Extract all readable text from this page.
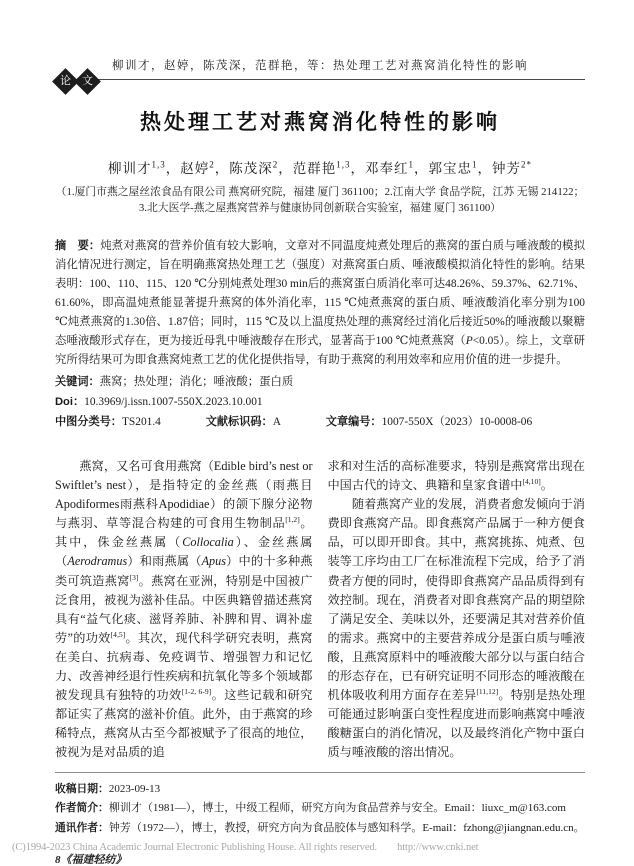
柳训才，赵婷，陈茂深，范群艳，等：热处理工艺对燕窝消化特性的影响
论 文
热处理工艺对燕窝消化特性的影响
柳训才$^{1,3}$，赵婷$^2$，陈茂深$^2$，范群艳$^{1,3}$，邓奉红$^1$，郭宝忠$^1$，钟芳$^{2*}$
（1.厦门市燕之屋丝浓食品有限公司 燕窝研究院，福建 厦门 361100；2.江南大学 食品学院，江苏 无锡 214122；
3.北大医学-燕之屋燕窝营养与健康协同创新联合实验室，福建 厦门 361100）
摘　要：炖煮对燕窝的营养价值有较大影响，文章对不同温度炖煮处理后的燕窝的蛋白质与唾液酸的模拟消化情况进行测定，旨在明确燕窝热处理工艺（强度）对燕窝蛋白质、唾液酸模拟消化特性的影响。结果表明：100、110、115、120 ℃分别炖煮处理30 min后的燕窝蛋白质消化率可达48.26%、59.37%、62.71%、61.60%，即高温炖煮能显著提升燕窝的体外消化率，115 ℃炖煮燕窝的蛋白质、唾液酸消化率分别为100 ℃炖煮燕窝的1.30倍、1.87倍；同时，115 ℃及以上温度热处理的燕窝经过消化后接近50%的唾液酸以聚糖态唾液酸形式存在，更为接近母乳中唾液酸存在形式，显著高于100 ℃炖煮燕窝（P<0.05）。综上，文章研究所得结果可为即食燕窝炖煮工艺的优化提供指导，有助于燕窝的利用效率和应用价值的进一步提升。
关键词：燕窝；热处理；消化；唾液酸；蛋白质
Doi：10.3969/j.issn.1007-550X.2023.10.001
中图分类号：TS201.4	文献标识码：A	文章编号：1007-550X（2023）10-0008-06

燕窝，又名可食用燕窝（Edible bird’s nest or Swiftlet’s nest），是指特定的金丝燕（雨燕目Apodiformes雨燕科Apodidiae）的颌下腺分泌物与燕羽、草等混合构建的可食用生物制品[1,2]。其中，侏金丝燕属（Collocalia）、金丝燕属（Aerodramus）和雨燕属（Apus）中的十多种燕类可筑造燕窝[3]。燕窝在亚洲，特别是中国被广泛食用，被视为滋补佳品。中医典籍曾描述燕窝具有“益气化痰、滋肾养肺、补脾和胃、调补虚劳”的功效[4,5]。其次，现代科学研究表明，燕窝在美白、抗病毒、免疫调节、增强智力和记忆力、改善神经退行性疾病和抗氧化等多个领域都被发现具有独特的功效[1-2, 6-9]。这些记载和研究都证实了燕窝的滋补价值。此外，由于燕窝的珍稀特点，燕窝从古至今都被赋予了很高的地位，被视为是对品质的追

求和对生活的高标准要求，特别是燕窝常出现在中国古代的诗文、典籍和皇家食谱中[4,10]。

随着燕窝产业的发展，消费者愈发倾向于消费即食燕窝产品。即食燕窝产品属于一种方便食品，可以即开即食。其中，燕窝挑拣、炖煮、包装等工序均由工厂在标准流程下完成，给予了消费者方便的同时，使得即食燕窝产品品质得到有效控制。现在，消费者对即食燕窝产品的期望除了满足安全、美味以外，还要满足其对营养价值的需求。燕窝中的主要营养成分是蛋白质与唾液酸，且燕窝原料中的唾液酸大部分以与蛋白结合的形态存在，已有研究证明不同形态的唾液酸在机体吸收利用方面存在差异[11,12]。特别是热处理可能通过影响蛋白变性程度进而影响燕窝中唾液酸糖蛋白的消化情况，以及最终消化产物中蛋白质与唾液酸的溶出情况。

收稿日期：2023-09-13
作者简介：柳训才（1981—），博士，中级工程师，研究方向为食品营养与安全。Email：liuxc_m@163.com
通讯作者：钟芳（1972—），博士，教授，研究方向为食品胶体与感知科学。E-mail：fzhong@jiangnan.edu.cn。
8《福建轻纺》
(C)1994-2023 China Academic Journal Electronic Publishing House. All rights reserved. http://www.cnki.net
